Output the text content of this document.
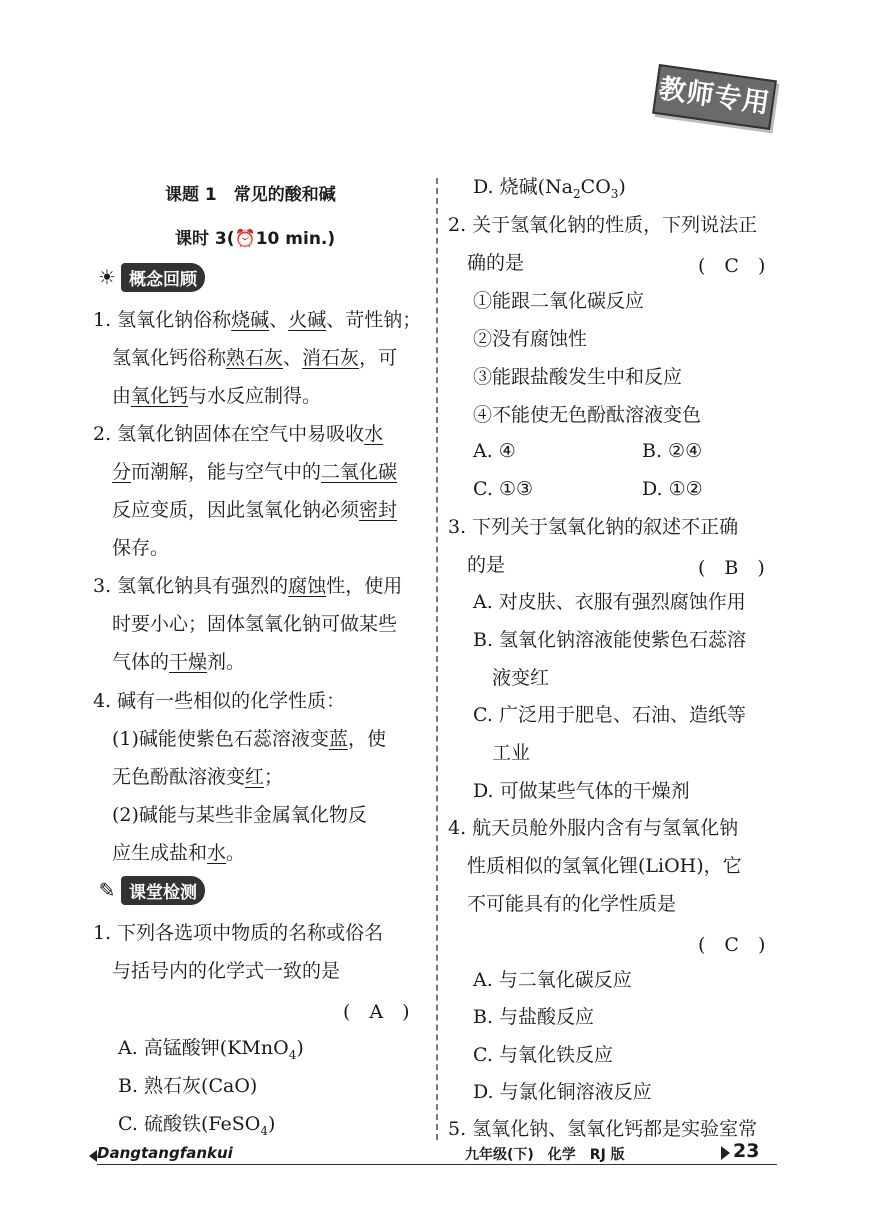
教师专用
课题 1　常见的酸和碱
课时 3(⏰10 min.)
☀ 概念回顾
1. 氢氧化钠俗称烧碱、火碱、苛性钠；
　氢氧化钙俗称熟石灰、消石灰，可
　由氧化钙与水反应制得。
2. 氢氧化钠固体在空气中易吸收水
　分而潮解，能与空气中的二氧化碳
　反应变质，因此氢氧化钠必须密封
　保存。
3. 氢氧化钠具有强烈的腐蚀性，使用
　时要小心；固体氢氧化钠可做某些
　气体的干燥剂。
4. 碱有一些相似的化学性质：
　(1)碱能使紫色石蕊溶液变蓝，使
　无色酚酞溶液变红；
　(2)碱能与某些非金属氧化物反
　应生成盐和水。
✎ 课堂检测
1. 下列各选项中物质的名称或俗名
　与括号内的化学式一致的是
(　A　)
A. 高锰酸钾(KMnO$_4$)
B. 熟石灰(CaO)
C. 硫酸铁(FeSO$_4$)
D. 烧碱$(Na_2CO_3)$
2. 关于氢氧化钠的性质，下列说法正
　确的是	(　C　)
①能跟二氧化碳反应
②没有腐蚀性
③能跟盐酸发生中和反应
④不能使无色酚酞溶液变色
A. ④	B. ②④
C. ①③	D. ①②
3. 下列关于氢氧化钠的叙述不正确
　的是	(　B　)
A. 对皮肤、衣服有强烈腐蚀作用
B. 氢氧化钠溶液能使紫色石蕊溶
　液变红
C. 广泛用于肥皂、石油、造纸等
　工业
D. 可做某些气体的干燥剂
4. 航天员舱外服内含有与氢氧化钠
　性质相似的氢氧化锂(LiOH)，它
　不可能具有的化学性质是
(　C　)
A. 与二氧化碳反应
B. 与盐酸反应
C. 与氧化铁反应
D. 与氯化铜溶液反应
5. 氢氧化钠、氢氧化钙都是实验室常
Dangtangfankui	九年级(下)　化学　RJ 版	23
